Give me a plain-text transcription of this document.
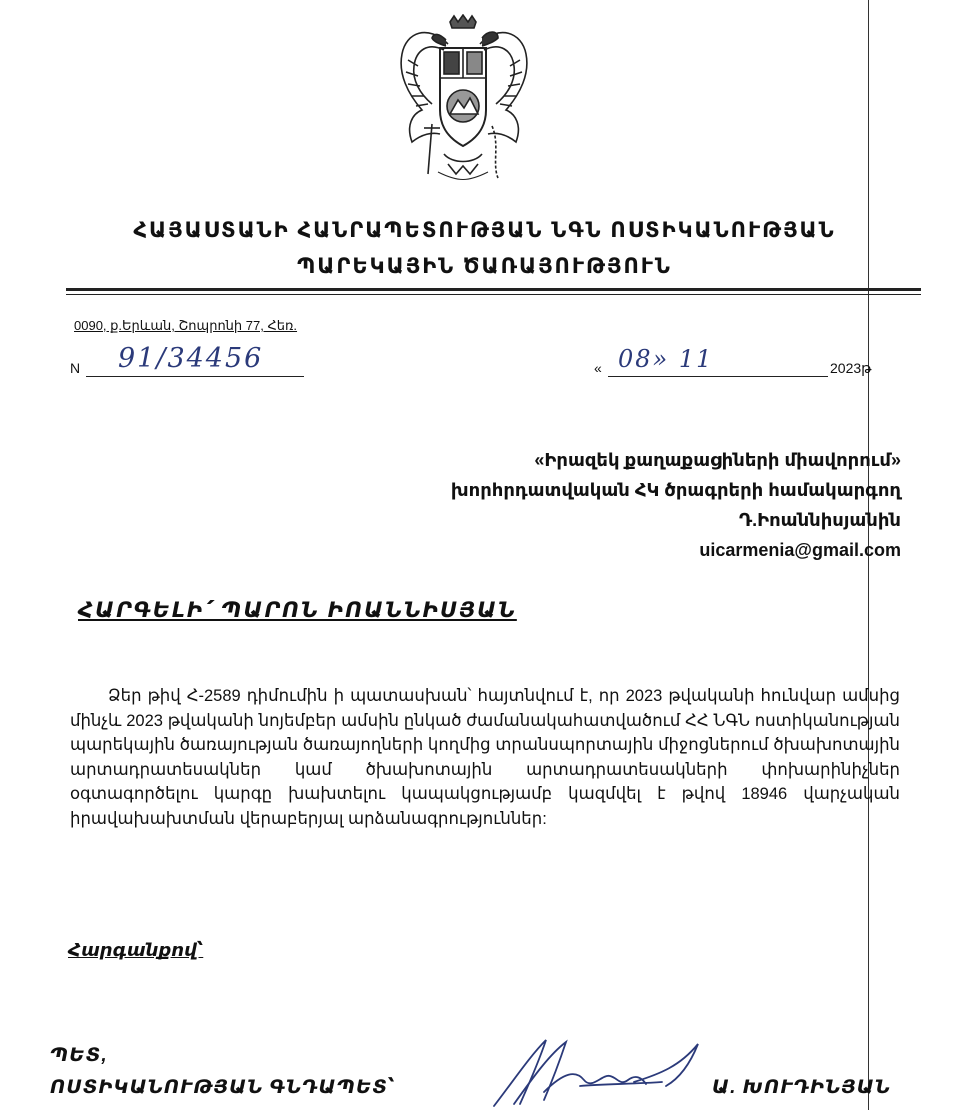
ՀԱՅԱՍՏԱՆԻ ՀԱՆՐԱՊԵՏՈՒԹՅԱՆ ՆԳՆ ՈՍՏԻԿԱՆՈՒԹՅԱՆ
ՊԱՐԵԿԱՅԻՆ ԾԱՌԱՅՈՒԹՅՈՒՆ
0090, ք.Երևան, Շոպրոնի 77, Հեռ.
N 91/34456	« 08» 11	2023թ
«Իրազեկ քաղաքացիների միավորում»
խորհրդատվական ՀԿ ծրագրերի համակարգող
Դ.Իոաննիսյանին
uicarmenia@gmail.com
ՀԱՐԳԵԼԻ՛ ՊԱՐՈՆ ԻՈԱՆՆԻՍՅԱՆ
Ձեր թիվ Հ-2589 դիմումին ի պատասխան՝ հայտնվում է, որ 2023 թվականի հունվար ամսից մինչև 2023 թվականի նոյեմբեր ամսին ընկած ժամանակահատվածում ՀՀ ՆԳՆ ոստիկանության պարեկային ծառայության ծառայողների կողմից տրանսպորտային միջոցներում ծխախոտային արտադրատեսակներ կամ ծխախոտային արտադրատեսակների փոխարինիչներ օգտագործելու կարգը խախտելու կապակցությամբ կազմվել է թվով 18946 վարչական իրավախախտման վերաբերյալ արձանագրություններ:
Հարգանքով՝
ՊԵՏ,
ՈՍՏԻԿԱՆՈՒԹՅԱՆ ԳՆԴԱՊԵՏ՝	Ա. ԽՈՒԴԻՆՅԱՆ
